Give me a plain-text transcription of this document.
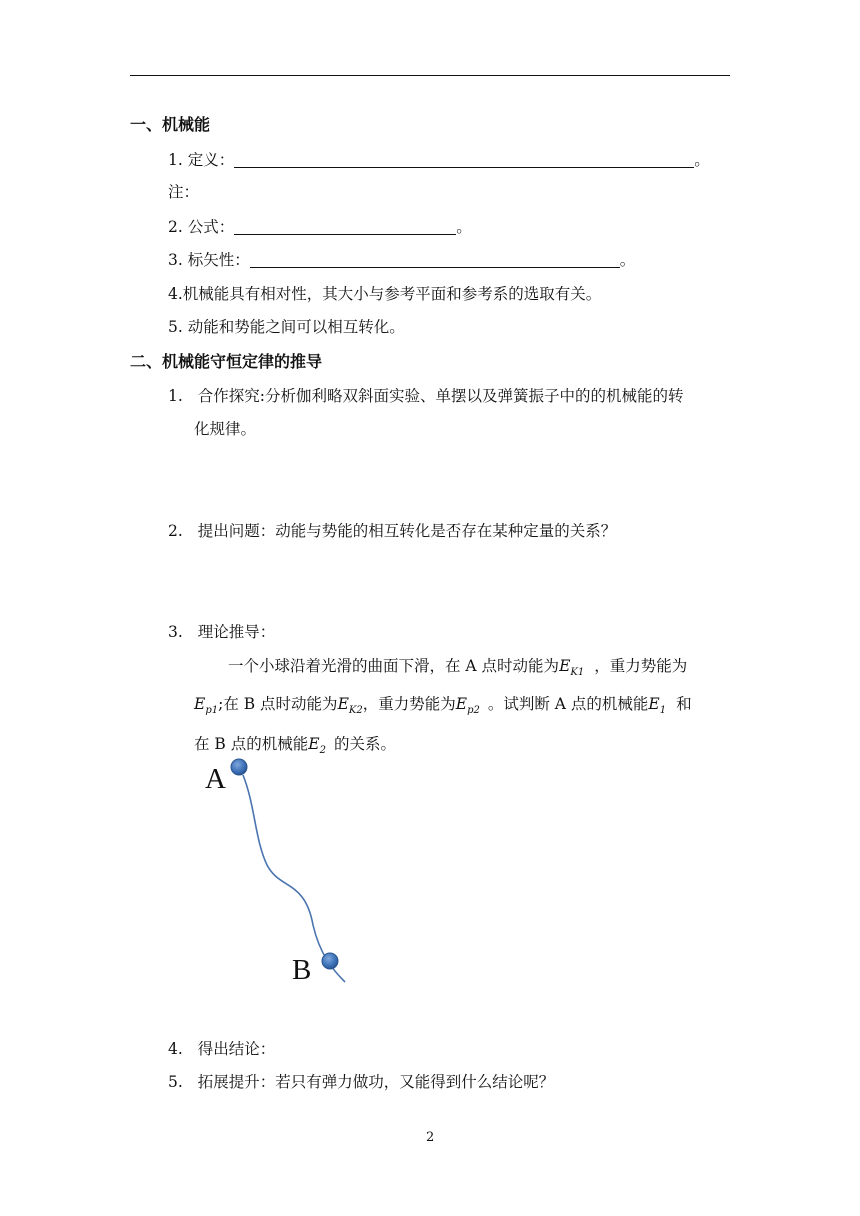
一、机械能
1. 定义：	。
注：
2. 公式：	。
3. 标矢性：	。
4.机械能具有相对性，其大小与参考平面和参考系的选取有关。
5. 动能和势能之间可以相互转化。
二、机械能守恒定律的推导
1. 合作探究:分析伽利略双斜面实验、单摆以及弹簧振子中的的机械能的转
化规律。
2. 提出问题：动能与势能的相互转化是否存在某种定量的关系？
3. 理论推导：
一个小球沿着光滑的曲面下滑，在 A 点时动能为$E_{K1}$ ，重力势能为
$E_{p1}$;在 B 点时动能为$E_{K2}$，重力势能为$E_{p2}$ 。试判断 A 点的机械能$E_1$ 和
在 B 点的机械能$E_2$ 的关系。
A
B
4. 得出结论：
5. 拓展提升：若只有弹力做功，又能得到什么结论呢？
2
